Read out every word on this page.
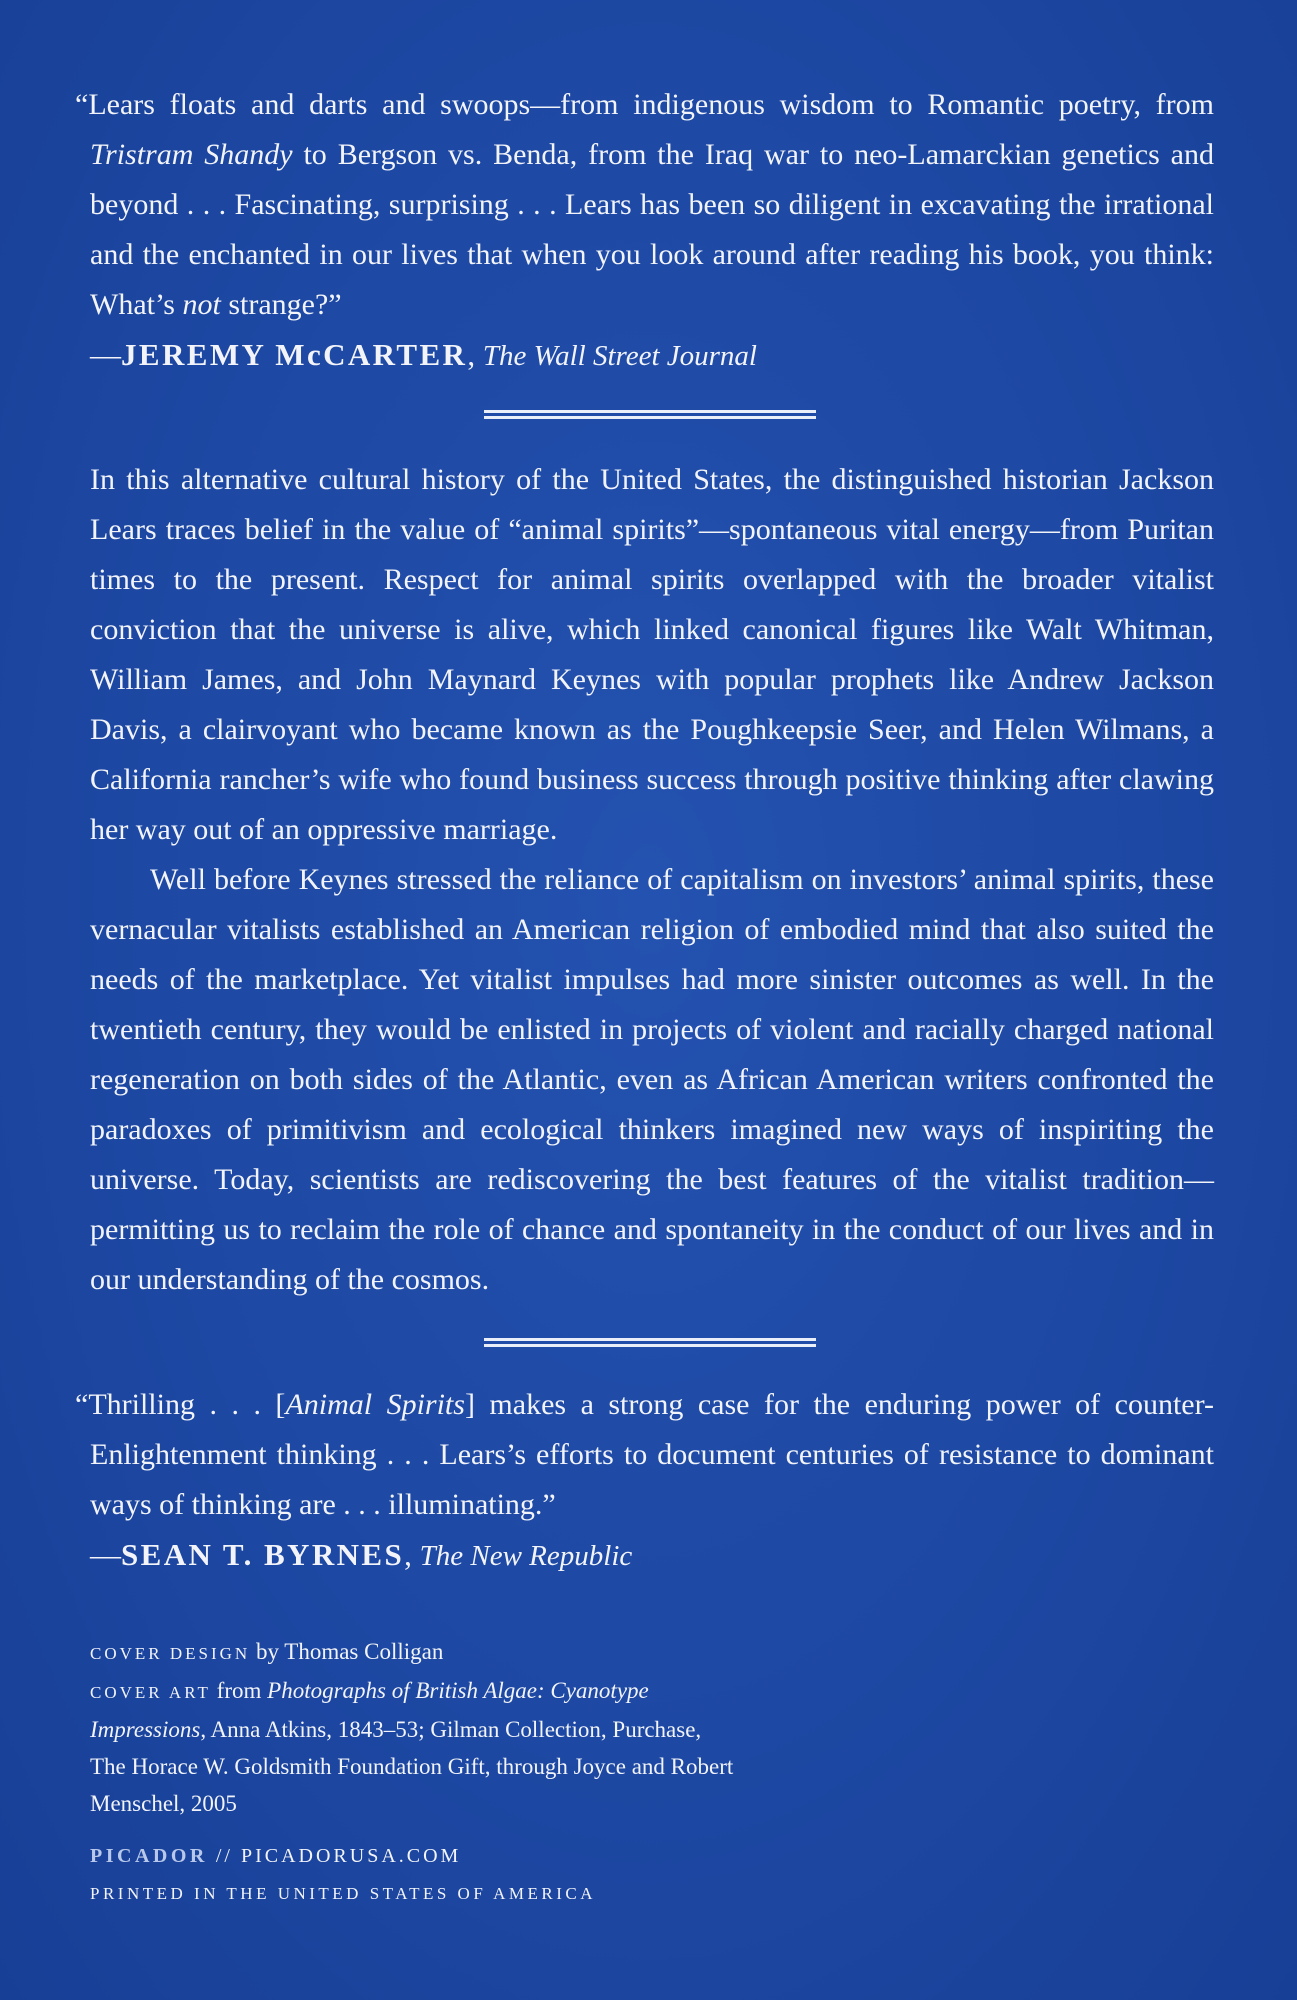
“Lears floats and darts and swoops—from indigenous wisdom to Romantic poetry, from Tristram Shandy to Bergson vs. Benda, from the Iraq war to neo-Lamarckian genetics and beyond . . . Fascinating, surprising . . . Lears has been so diligent in excavating the irrational and the enchanted in our lives that when you look around after reading his book, you think: What’s not strange?”

—JEREMY McCARTER, The Wall Street Journal

In this alternative cultural history of the United States, the distinguished historian Jackson Lears traces belief in the value of “animal spirits”—spontaneous vital energy—from Puritan times to the present. Respect for animal spirits overlapped with the broader vitalist conviction that the universe is alive, which linked canonical figures like Walt Whitman, William James, and John Maynard Keynes with popular prophets like Andrew Jackson Davis, a clairvoyant who became known as the Poughkeepsie Seer, and Helen Wilmans, a California rancher’s wife who found business success through positive thinking after clawing her way out of an oppressive marriage.

Well before Keynes stressed the reliance of capitalism on investors’ animal spirits, these vernacular vitalists established an American religion of embodied mind that also suited the needs of the marketplace. Yet vitalist impulses had more sinister outcomes as well. In the twentieth century, they would be enlisted in projects of violent and racially charged national regeneration on both sides of the Atlantic, even as African American writers confronted the paradoxes of primitivism and ecological thinkers imagined new ways of inspiriting the universe. Today, scientists are rediscovering the best features of the vitalist tradition—permitting us to reclaim the role of chance and spontaneity in the conduct of our lives and in our understanding of the cosmos.

“Thrilling . . . [Animal Spirits] makes a strong case for the enduring power of counter-Enlightenment thinking . . . Lears’s efforts to document centuries of resistance to dominant ways of thinking are . . . illuminating.”

—SEAN T. BYRNES, The New Republic

COVER DESIGN by Thomas Colligan

COVER ART from Photographs of British Algae: Cyanotype Impressions, Anna Atkins, 1843–53; Gilman Collection, Purchase, The Horace W. Goldsmith Foundation Gift, through Joyce and Robert Menschel, 2005

PICADOR // PICADORUSA.COM

PRINTED IN THE UNITED STATES OF AMERICA
